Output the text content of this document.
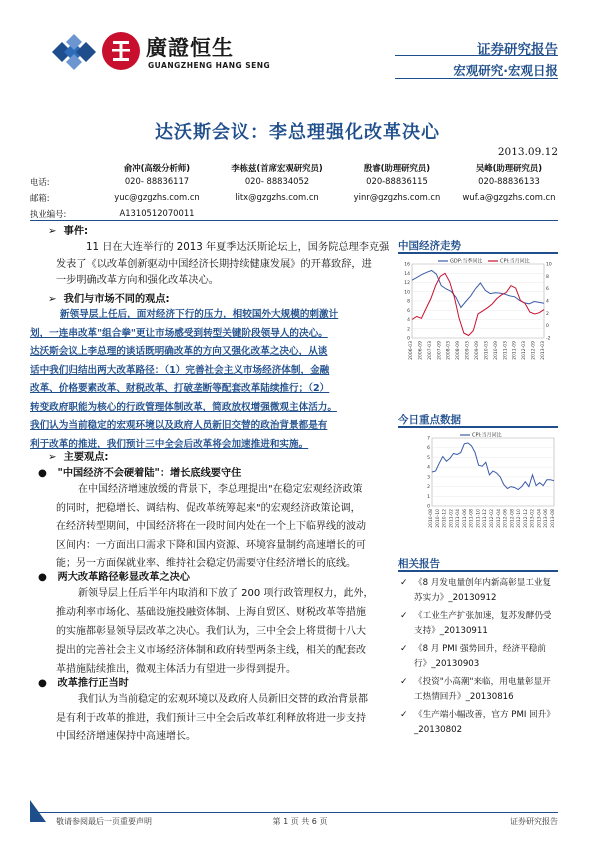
廣證恒生
GUANGZHENG HANG SENG
证券研究报告
宏观研究·宏观日报
达沃斯会议：李总理强化改革决心
2013.09.12
俞冲(高级分析师)	李栋兹(首席宏观研究员)	殷睿(助理研究员)	吴峰(助理研究员)
电话:	020- 88836117	020- 88834052	020-88836115	020-88836133
邮箱:	yuc@gzgzhs.com.cn	litx@gzgzhs.com.cn	yinr@gzgzhs.com.cn	wuf.a@gzgzhs.com.cn
执业编号:	A1310512070011
➢ 事件:
11 日在大连举行的 2013 年夏季达沃斯论坛上，国务院总理李克强
发表了《以改革创新驱动中国经济长期持续健康发展》的开幕致辞，进
一步明确改革方向和强化改革决心。
➢ 我们与市场不同的观点:
新领导层上任后，面对经济下行的压力，相较国外大规模的刺激计
划，一连串改革"组合拳"更让市场感受到转型关键阶段领导人的决心。
达沃斯会议上李总理的谈话既明确改革的方向又强化改革之决心，从谈
话中我们归结出两大改革路径：（1）完善社会主义市场经济体制，金融
改革、价格要素改革、财税改革、打破垄断等配套改革陆续推行；（2）
转变政府职能为核心的行政管理体制改革，简政放权增强微观主体活力。
我们认为当前稳定的宏观环境以及政府人员新旧交替的政治背景都是有
利于改革的推进，我们预计三中全会后改革将会加速推进和实施。
➢ 主要观点:
● "中国经济不会硬着陆"：增长底线要守住
在中国经济增速放缓的背景下，李总理提出"在稳定宏观经济政策
的同时，把稳增长、调结构、促改革统筹起来"的宏观经济政策论调，
在经济转型期间，中国经济将在一段时间内处在一个上下临界线的波动
区间内：一方面出口需求下降和国内资源、环境容量制约高速增长的可
能；另一方面保就业率、维持社会稳定仍需要守住经济增长的底线。
● 两大改革路径彰显改革之决心
新领导层上任后半年内取消和下放了 200 项行政管理权力，此外，
推动利率市场化、基础设施投融资体制、上海自贸区、财税改革等措施
的实施都彰显领导层改革之决心。我们认为，三中全会上将贯彻十八大
提出的完善社会主义市场经济体制和政府转型两条主线，相关的配套改
革措施陆续推出，微观主体活力有望进一步得到提升。
● 改革推行正当时
我们认为当前稳定的宏观环境以及政府人员新旧交替的政治背景都
是有利于改革的推进，我们预计三中全会后改革红利释放将进一步支持
中国经济增速保持中高速增长。
中国经济走势
GDP:当季同比	CPI:当月同比
16
14
12
10
8
6
4
2
0
10
8
6
4
2
0
-2
2006-03 2006-09 2007-03 2007-09 2008-03 2008-09 2009-03 2009-09 2010-03 2010-09 2011-03 2011-09 2012-03 2012-09 2013-03
今日重点数据
CPI:当月同比
7
6
5
4
3
2
1
0
2010-08 2010-10 2010-12 2011-02 2011-04 2011-06 2011-08 2011-10 2011-12 2012-02 2012-04 2012-06 2012-08 2012-10 2012-12 2013-02 2013-04 2013-06 2013-08
相关报告
✓ 《8 月发电量创年内新高彰显工业复苏实力》_20130912
✓ 《工业生产扩张加速，复苏发酵仍受支持》_20130911
✓ 《8 月 PMI 强势回升，经济平稳前行》_20130903
✓ 《投资"小高潮"来临，用电量彰显开工热情回升》_20130816
✓ 《生产端小幅改善，官方 PMI 回升》_20130802
敬请参阅最后一页重要声明	第 1 页 共 6 页	证券研究报告
